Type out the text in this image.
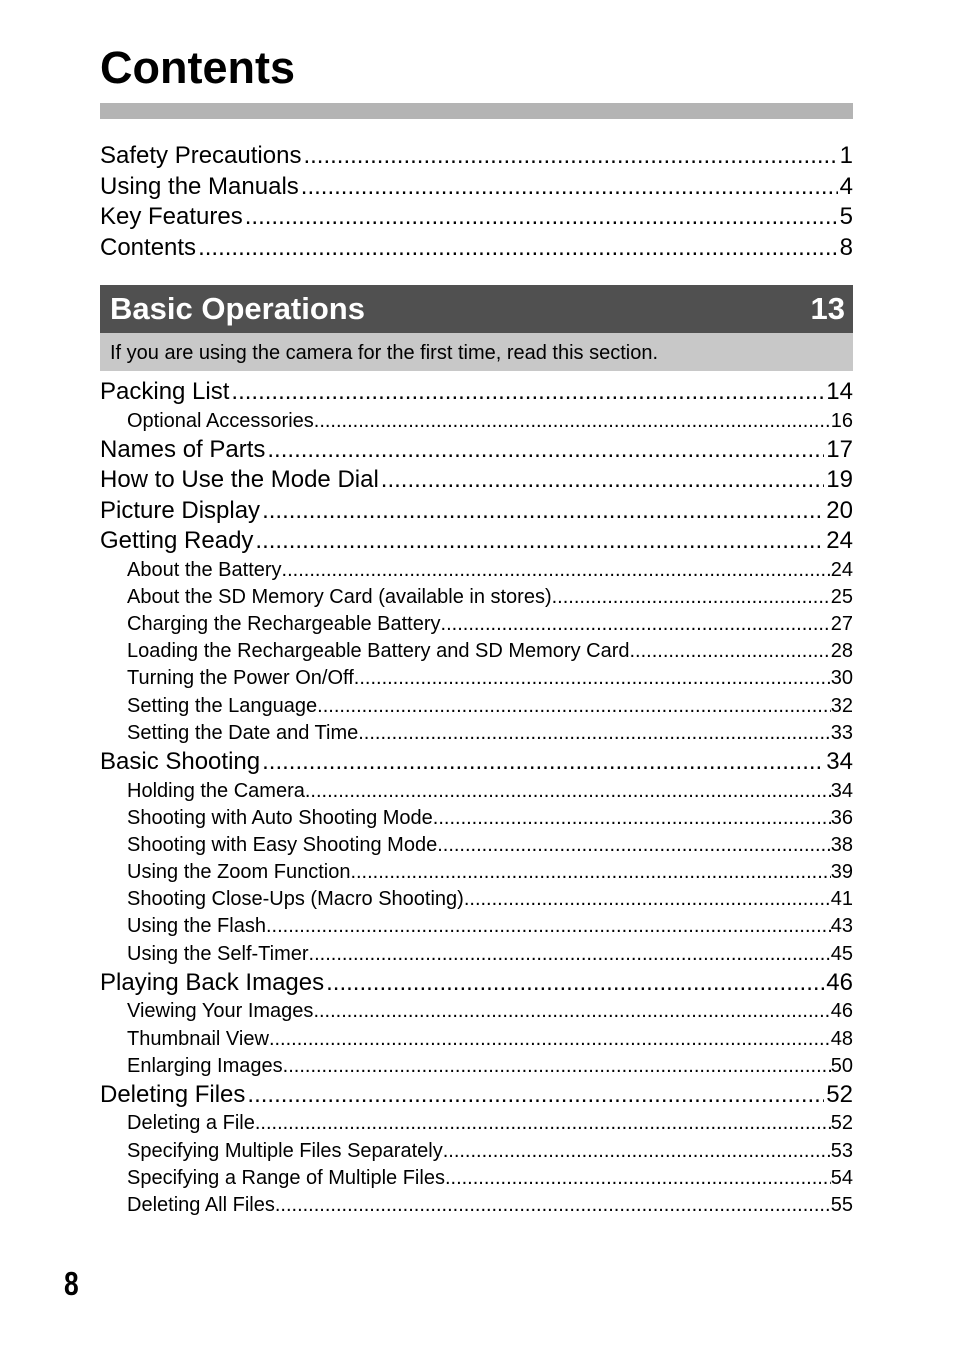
Contents
Safety Precautions .....	1
Using the Manuals .....	4
Key Features .....	5
Contents .....	8
Basic Operations	13
If you are using the camera for the first time, read this section.
Packing List .....	14
Optional Accessories .....	16
Names of Parts .....	17
How to Use the Mode Dial .....	19
Picture Display .....	20
Getting Ready .....	24
About the Battery .....	24
About the SD Memory Card (available in stores) .....	25
Charging the Rechargeable Battery .....	27
Loading the Rechargeable Battery and SD Memory Card .....	28
Turning the Power On/Off .....	30
Setting the Language .....	32
Setting the Date and Time .....	33
Basic Shooting .....	34
Holding the Camera .....	34
Shooting with Auto Shooting Mode .....	36
Shooting with Easy Shooting Mode .....	38
Using the Zoom Function .....	39
Shooting Close-Ups (Macro Shooting) .....	41
Using the Flash .....	43
Using the Self-Timer .....	45
Playing Back Images .....	46
Viewing Your Images .....	46
Thumbnail View .....	48
Enlarging Images .....	50
Deleting Files .....	52
Deleting a File .....	52
Specifying Multiple Files Separately .....	53
Specifying a Range of Multiple Files .....	54
Deleting All Files .....	55
8
